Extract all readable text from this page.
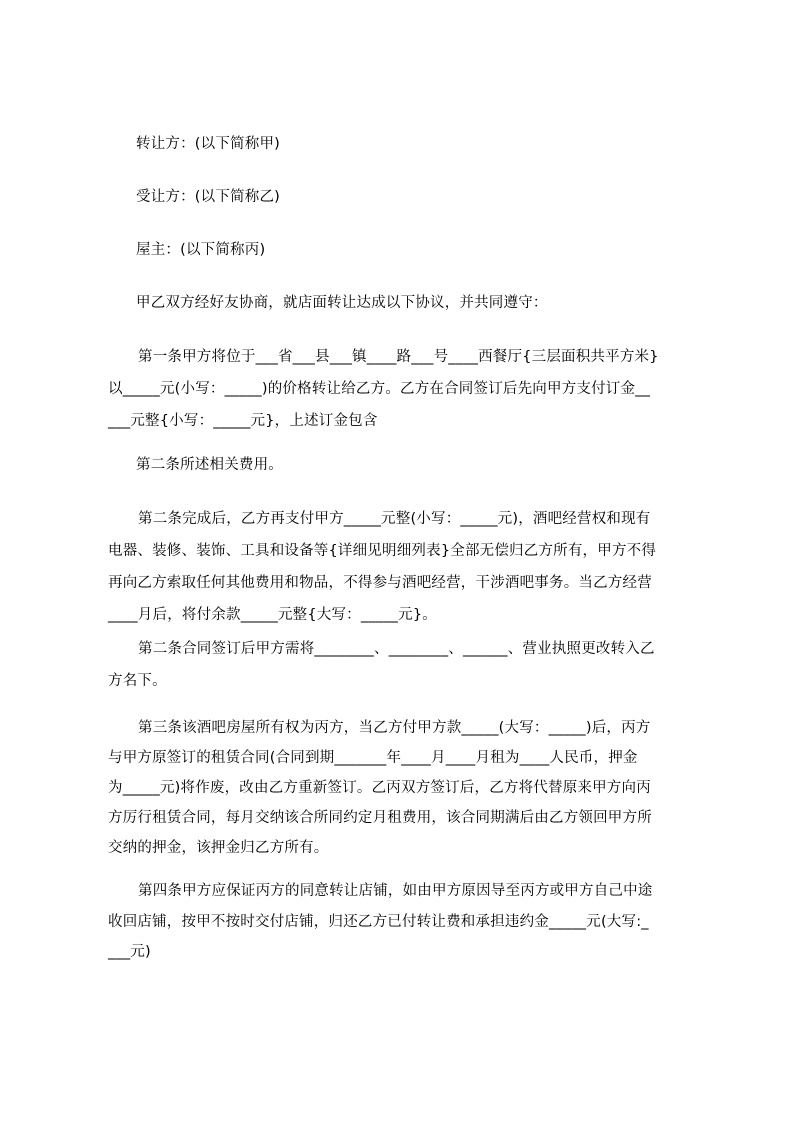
转让方：(以下简称甲)
受让方：(以下简称乙)
屋主：(以下简称丙)
甲乙双方经好友协商，就店面转让达成以下协议，并共同遵守：
第一条甲方将位于___省___县___镇____路___号____西餐厅{三层面积共平方米}
以_____元(小写：_____)的价格转让给乙方。乙方在合同签订后先向甲方支付订金__
___元整{小写：_____元}，上述订金包含
第二条所述相关费用。
第二条完成后，乙方再支付甲方_____元整(小写：_____元)，酒吧经营权和现有
电器、装修、装饰、工具和设备等{详细见明细列表}全部无偿归乙方所有，甲方不得
再向乙方索取任何其他费用和物品，不得参与酒吧经营，干涉酒吧事务。当乙方经营
____月后，将付余款_____元整{大写：_____元}。
第二条合同签订后甲方需将________、________、______、营业执照更改转入乙
方名下。
第三条该酒吧房屋所有权为丙方，当乙方付甲方款_____(大写：_____)后，丙方
与甲方原签订的租赁合同(合同到期_______年____月____月租为____人民币，押金
为_____元)将作废，改由乙方重新签订。乙丙双方签订后，乙方将代替原来甲方向丙
方厉行租赁合同，每月交纳该合所同约定月租费用，该合同期满后由乙方领回甲方所
交纳的押金，该押金归乙方所有。
第四条甲方应保证丙方的同意转让店铺，如由甲方原因导至丙方或甲方自己中途
收回店铺，按甲不按时交付店铺，归还乙方已付转让费和承担违约金_____元(大写:_
___元)
